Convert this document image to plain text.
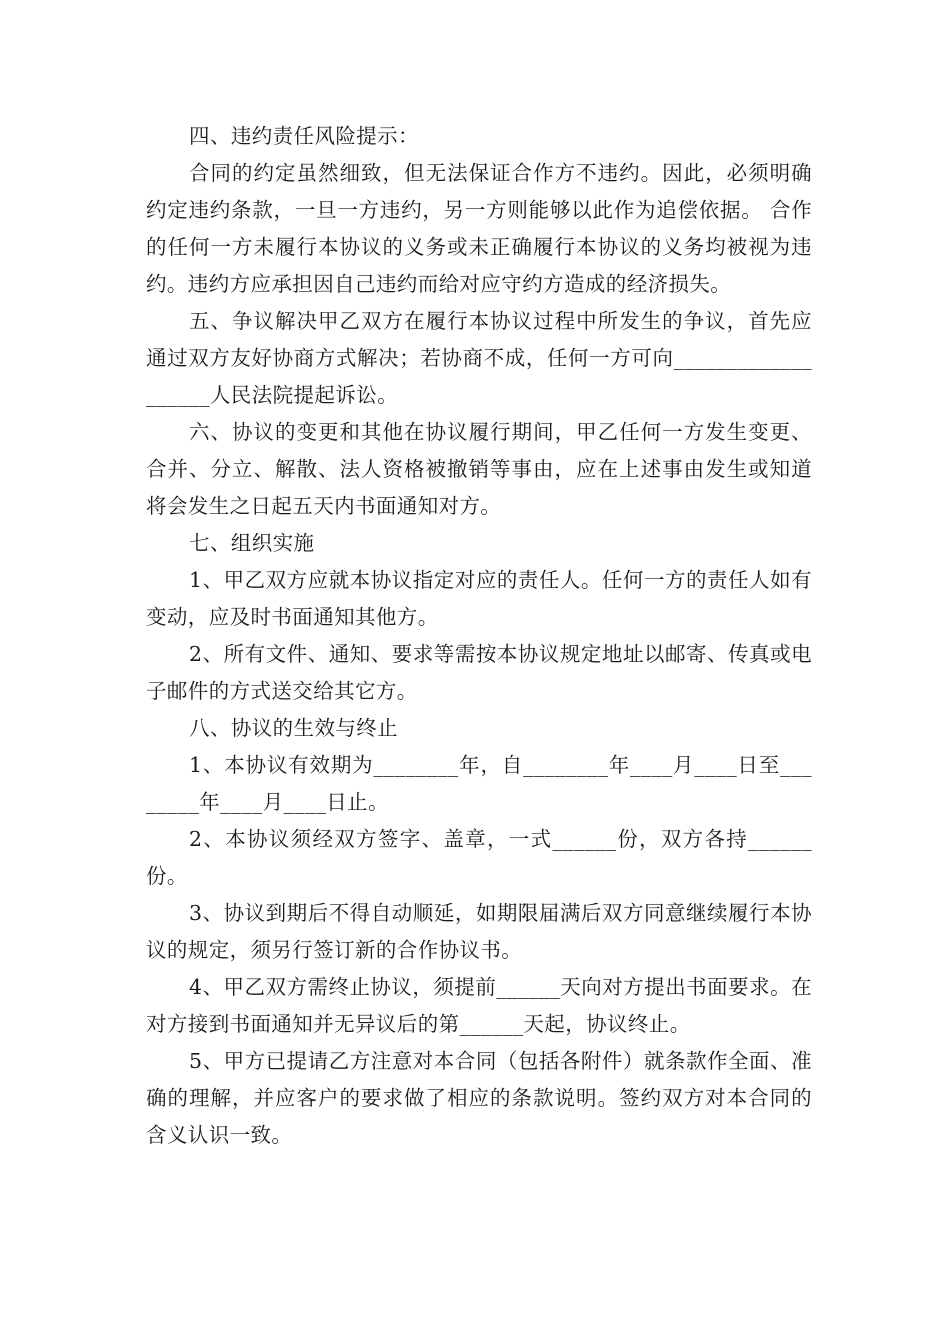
四、违约责任风险提示：

合同的约定虽然细致，但无法保证合作方不违约。因此，必须明确约定违约条款，一旦一方违约，另一方则能够以此作为追偿依据。 合作的任何一方未履行本协议的义务或未正确履行本协议的义务均被视为违约。违约方应承担因自己违约而给对应守约方造成的经济损失。

五、争议解决甲乙双方在履行本协议过程中所发生的争议，首先应通过双方友好协商方式解决；若协商不成，任何一方可向___________________人民法院提起诉讼。

六、协议的变更和其他在协议履行期间，甲乙任何一方发生变更、合并、分立、解散、法人资格被撤销等事由，应在上述事由发生或知道将会发生之日起五天内书面通知对方。

七、组织实施

1、甲乙双方应就本协议指定对应的责任人。任何一方的责任人如有变动，应及时书面通知其他方。

2、所有文件、通知、要求等需按本协议规定地址以邮寄、传真或电子邮件的方式送交给其它方。

八、协议的生效与终止

1、本协议有效期为________年，自________年____月____日至________年____月____日止。

2、本协议须经双方签字、盖章，一式______份，双方各持______份。

3、协议到期后不得自动顺延，如期限届满后双方同意继续履行本协议的规定，须另行签订新的合作协议书。

4、甲乙双方需终止协议，须提前______天向对方提出书面要求。在对方接到书面通知并无异议后的第______天起，协议终止。

5、甲方已提请乙方注意对本合同（包括各附件）就条款作全面、准确的理解，并应客户的要求做了相应的条款说明。签约双方对本合同的含义认识一致。
